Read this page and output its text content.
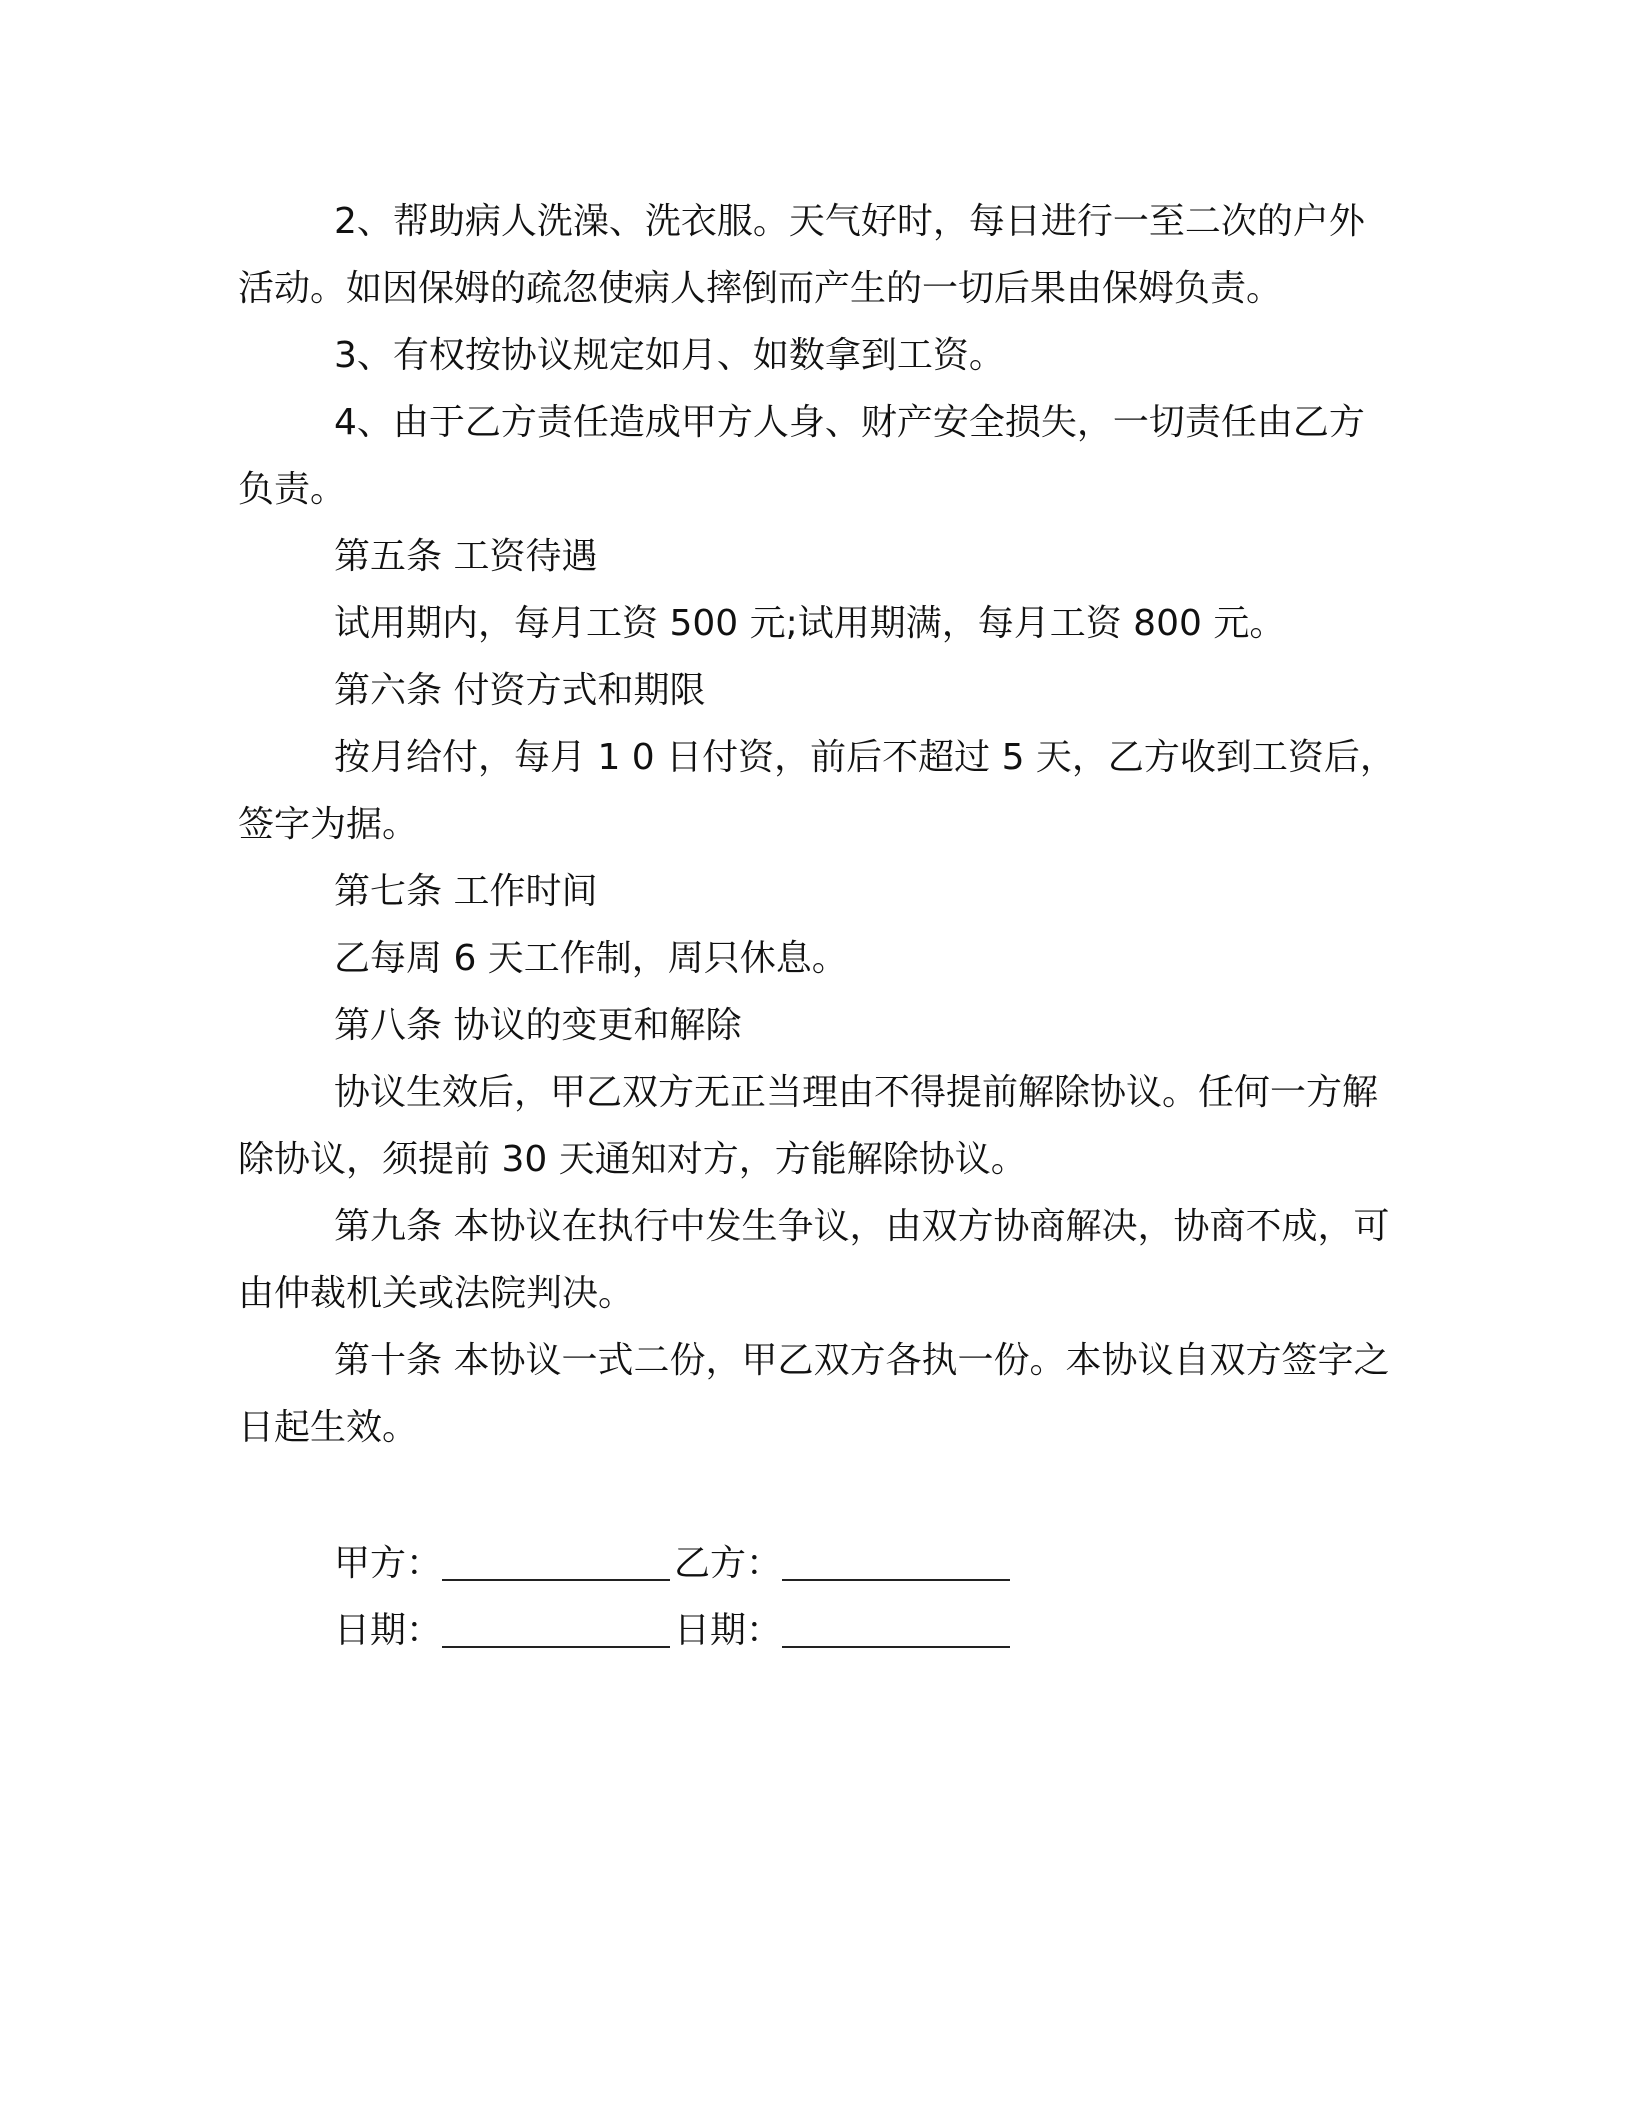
2、帮助病人洗澡、洗衣服。天气好时，每日进行一至二次的户外活动。如因保姆的疏忽使病人摔倒而产生的一切后果由保姆负责。

3、有权按协议规定如月、如数拿到工资。

4、由于乙方责任造成甲方人身、财产安全损失，一切责任由乙方负责。

第五条 工资待遇

试用期内，每月工资 500 元;试用期满，每月工资 800 元。

第六条 付资方式和期限

按月给付，每月 1 0 日付资，前后不超过 5 天，乙方收到工资后，签字为据。

第七条 工作时间

乙每周 6 天工作制，周只休息。

第八条 协议的变更和解除

协议生效后，甲乙双方无正当理由不得提前解除协议。任何一方解除协议，须提前 30 天通知对方，方能解除协议。

第九条 本协议在执行中发生争议，由双方协商解决，协商不成，可由仲裁机关或法院判决。

第十条 本协议一式二份，甲乙双方各执一份。本协议自双方签字之日起生效。

甲方：	乙方：
日期：	日期：
